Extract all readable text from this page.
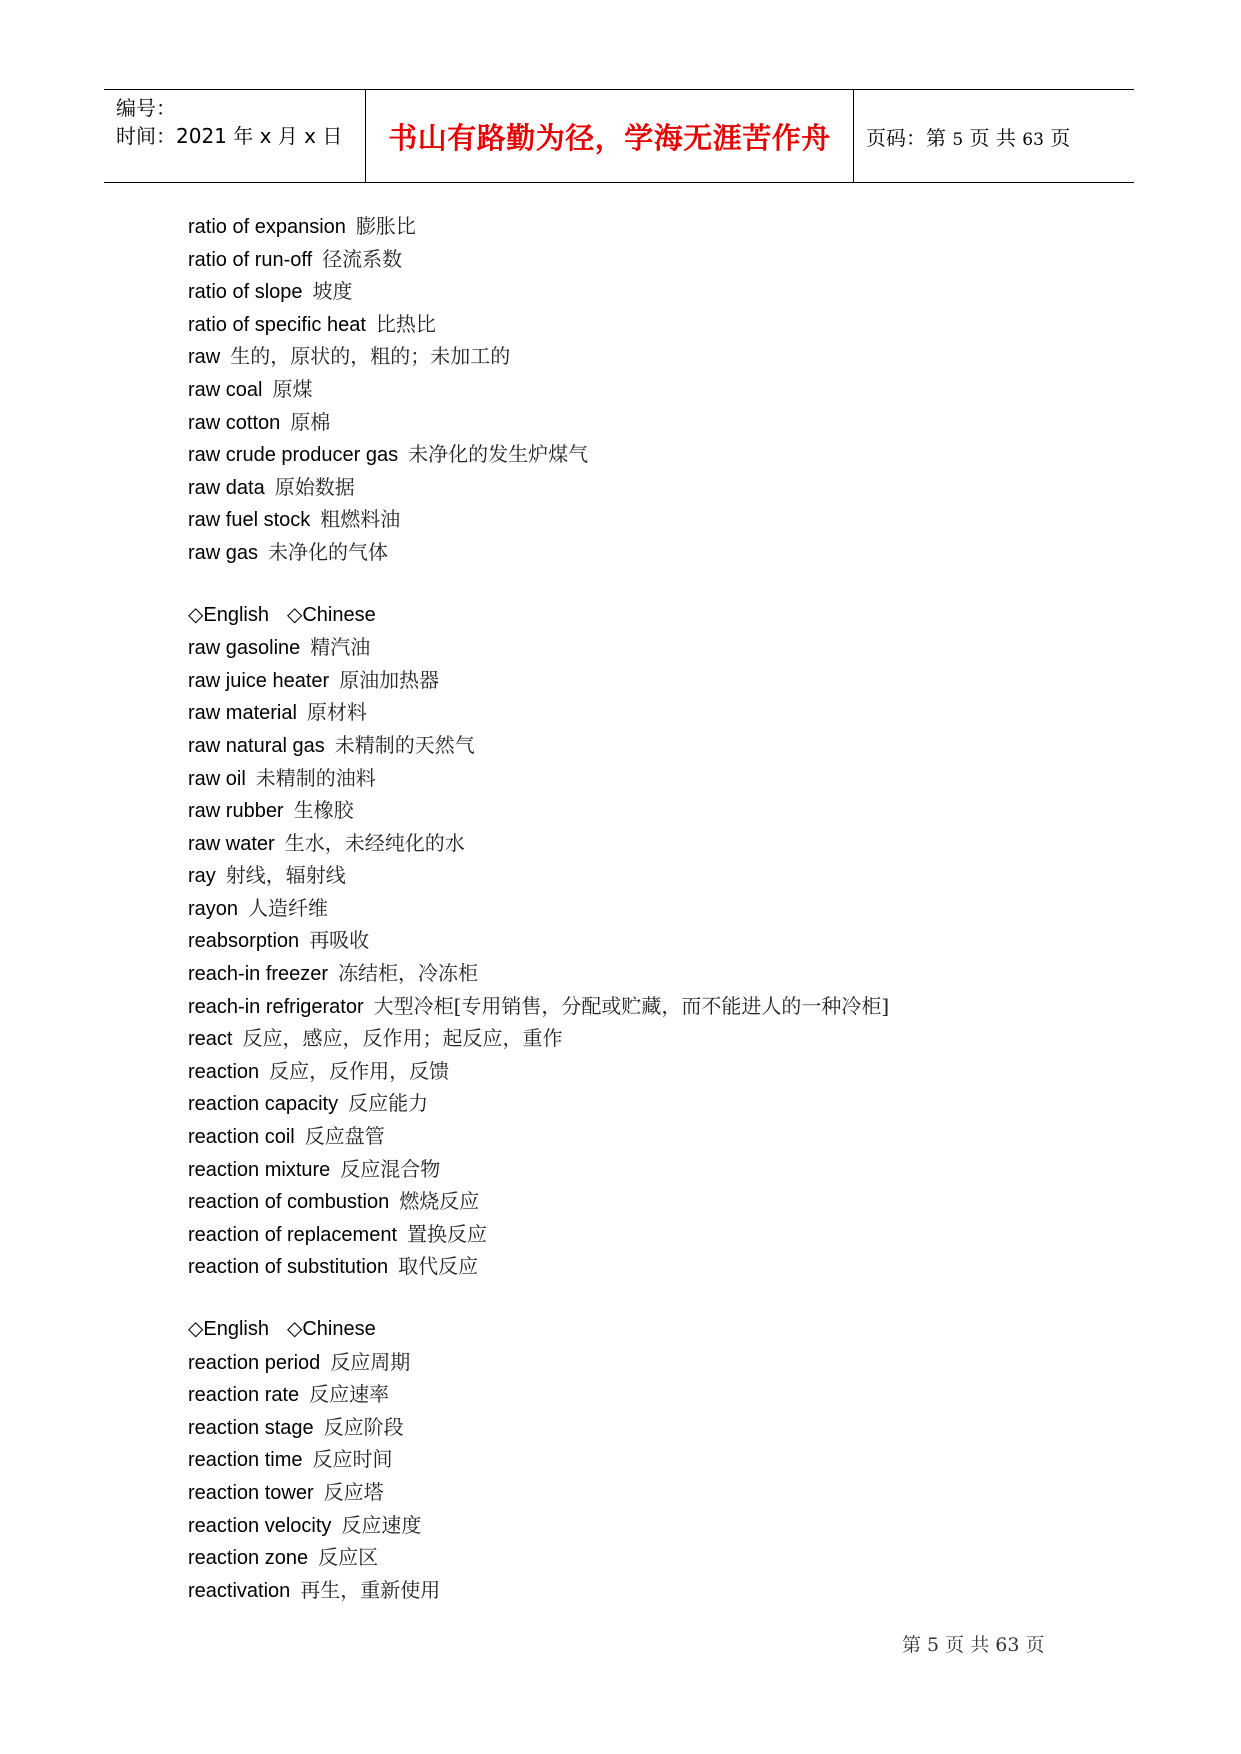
编号：
时间：2021 年 x 月 x 日	书山有路勤为径，学海无涯苦作舟	页码：第 5 页 共 63 页
ratio of expansion 膨胀比
ratio of run-off 径流系数
ratio of slope 坡度
ratio of specific heat 比热比
raw 生的，原状的，粗的；未加工的
raw coal 原煤
raw cotton 原棉
raw crude producer gas 未净化的发生炉煤气
raw data 原始数据
raw fuel stock 粗燃料油
raw gas 未净化的气体
◇English ◇Chinese
raw gasoline 精汽油
raw juice heater 原油加热器
raw material 原材料
raw natural gas 未精制的天然气
raw oil 未精制的油料
raw rubber 生橡胶
raw water 生水，未经纯化的水
ray 射线，辐射线
rayon 人造纤维
reabsorption 再吸收
reach-in freezer 冻结柜，冷冻柜
reach-in refrigerator 大型冷柜[专用销售，分配或贮藏，而不能进人的一种冷柜]
react 反应，感应，反作用；起反应，重作
reaction 反应，反作用，反馈
reaction capacity 反应能力
reaction coil 反应盘管
reaction mixture 反应混合物
reaction of combustion 燃烧反应
reaction of replacement 置换反应
reaction of substitution 取代反应
◇English ◇Chinese
reaction period 反应周期
reaction rate 反应速率
reaction stage 反应阶段
reaction time 反应时间
reaction tower 反应塔
reaction velocity 反应速度
reaction zone 反应区
reactivation 再生，重新使用
第 5 页 共 63 页
